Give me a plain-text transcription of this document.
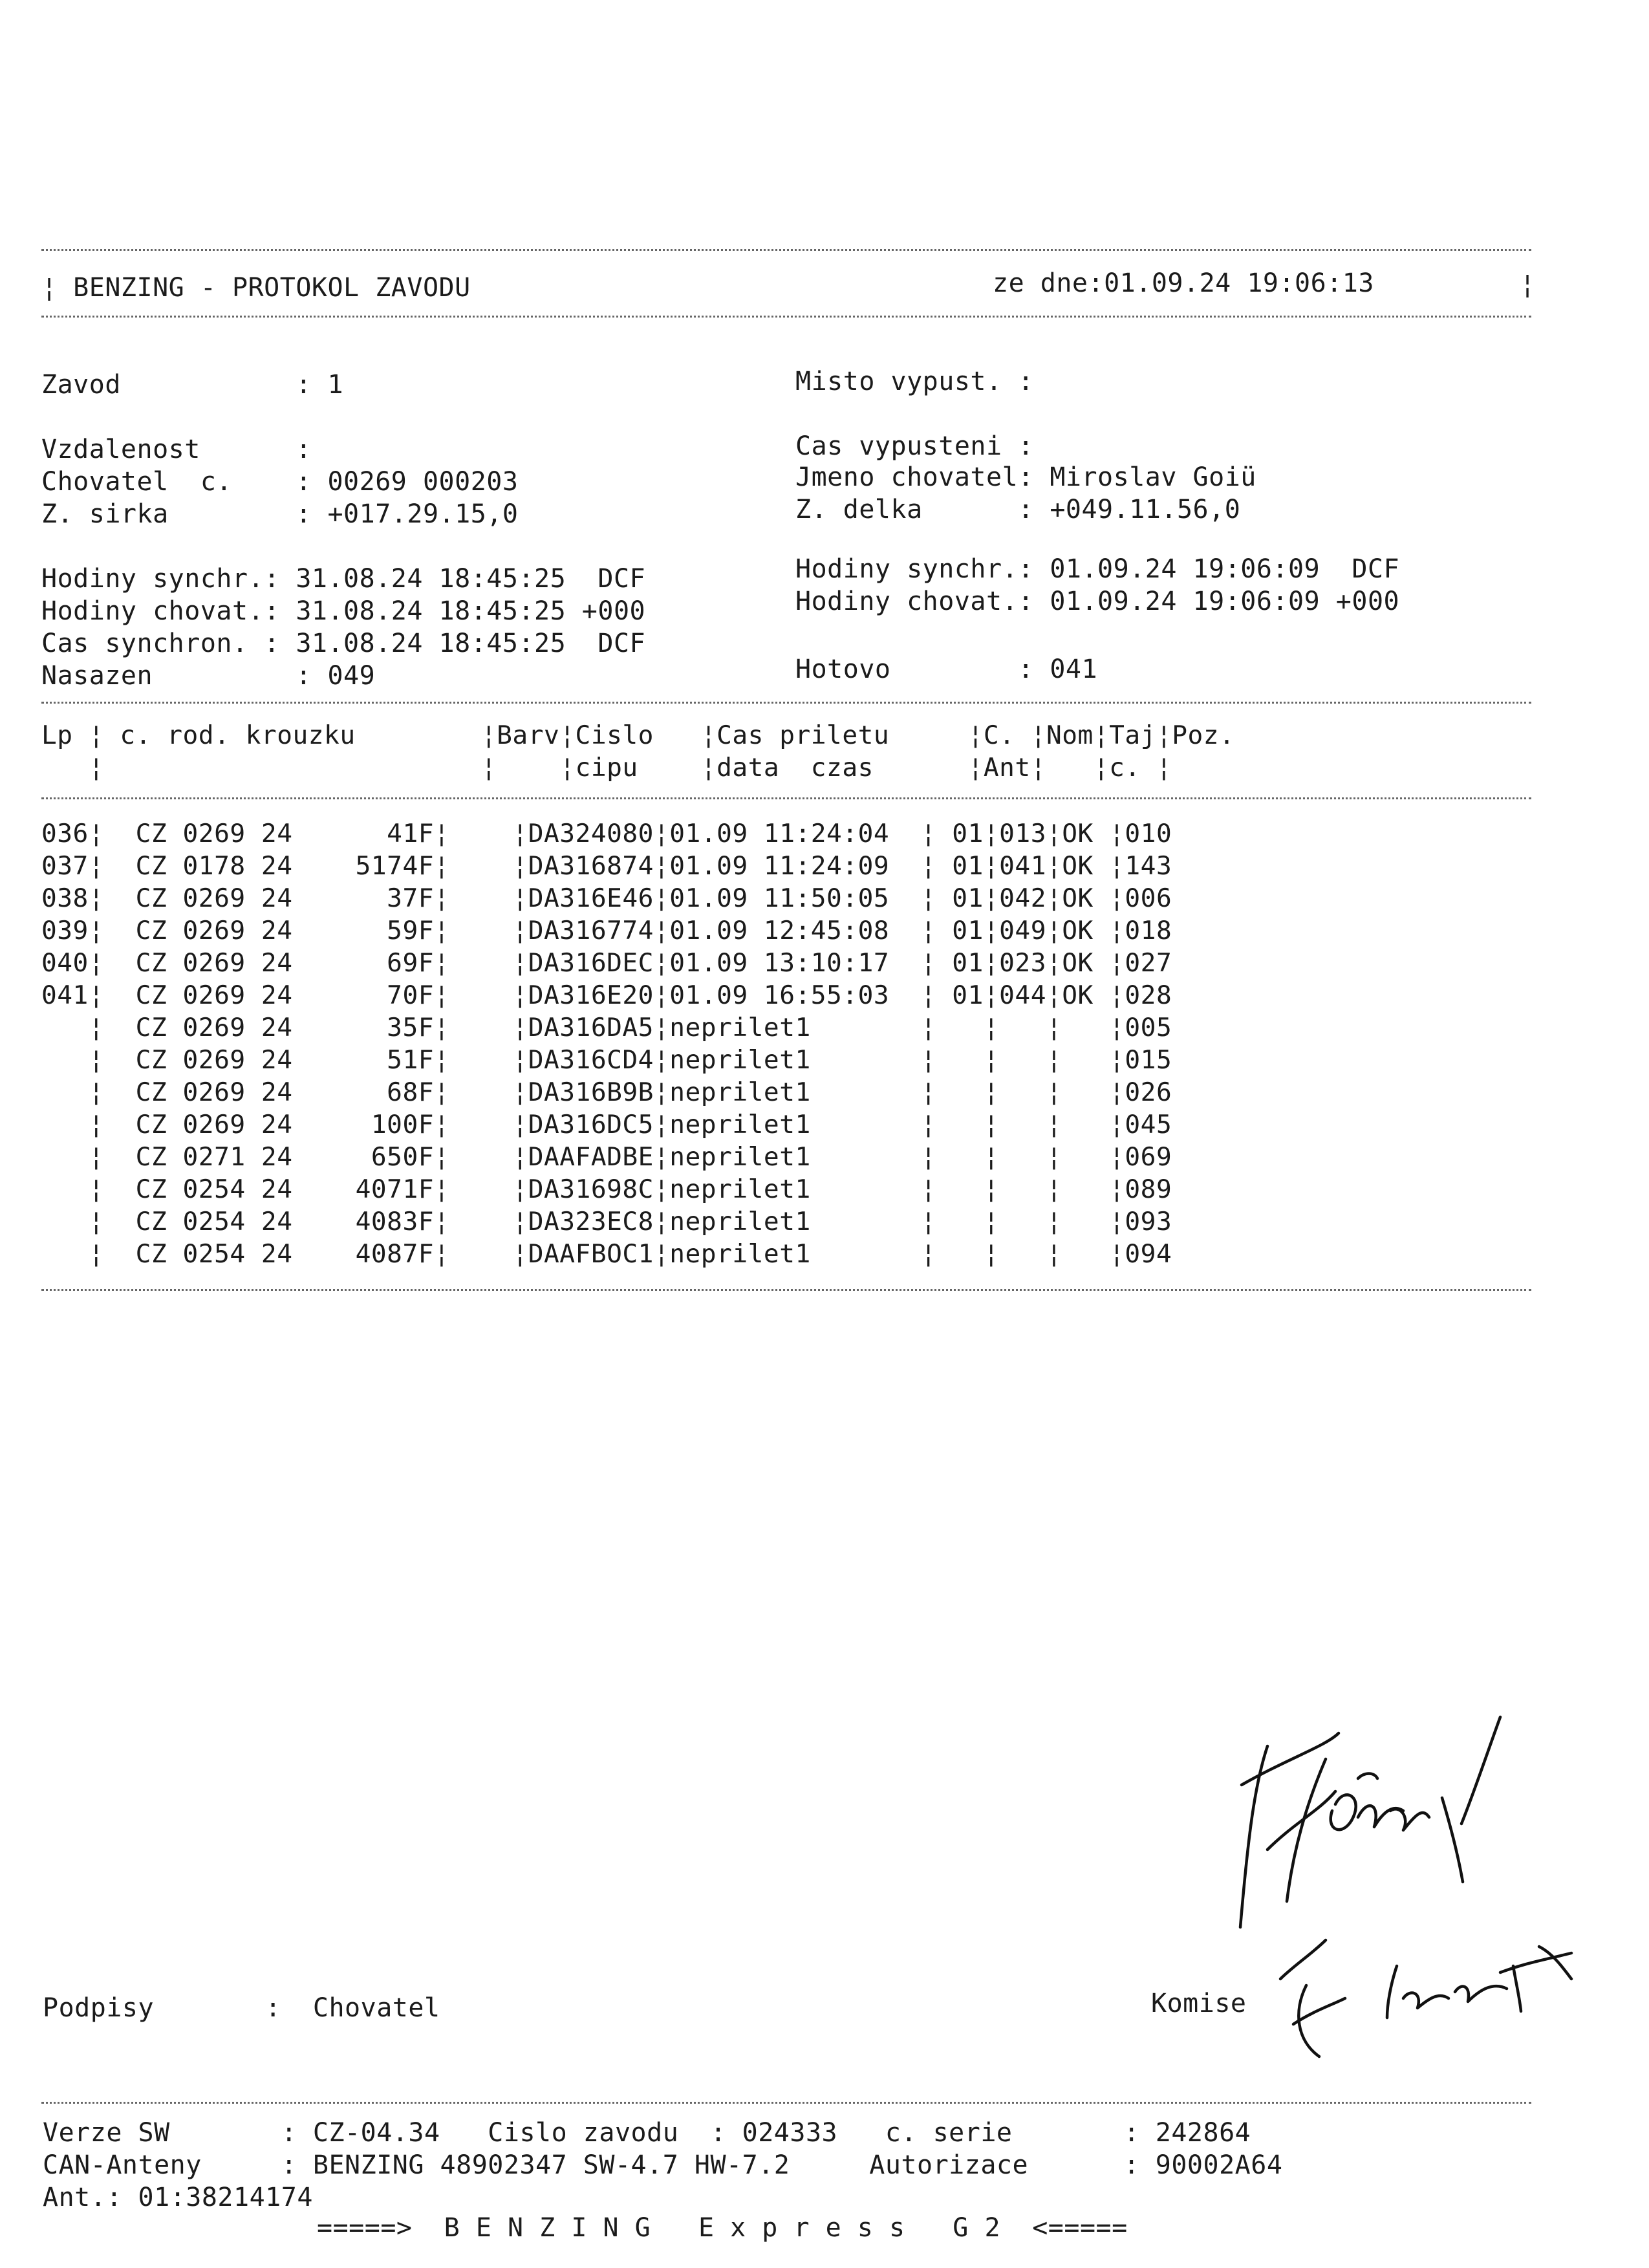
¦ BENZING - PROTOKOL ZAVODU	ze dne:01.09.24 19:06:13	¦
Zavod           : 1
Vzdalenost      :
Chovatel  c.    : 00269 000203
Z. sirka        : +017.29.15,0
Hodiny synchr.: 31.08.24 18:45:25  DCF
Hodiny chovat.: 31.08.24 18:45:25 +000
Cas synchron. : 31.08.24 18:45:25  DCF
Nasazen         : 049
Misto vypust. :
Cas vypusteni :
Jmeno chovatel: Miroslav Goiü
Z. delka      : +049.11.56,0
Hodiny synchr.: 01.09.24 19:06:09  DCF
Hodiny chovat.: 01.09.24 19:06:09 +000
Hotovo        : 041
Lp ¦ c. rod. krouzku        ¦Barv¦Cislo   ¦Cas priletu     ¦C. ¦Nom¦Taj¦Poz.
¦                        ¦    ¦cipu    ¦data  czas      ¦Ant¦   ¦c. ¦
036¦  CZ 0269 24      41F¦    ¦DA324080¦01.09 11:24:04  ¦ 01¦013¦OK ¦010
037¦  CZ 0178 24    5174F¦    ¦DA316874¦01.09 11:24:09  ¦ 01¦041¦OK ¦143
038¦  CZ 0269 24      37F¦    ¦DA316E46¦01.09 11:50:05  ¦ 01¦042¦OK ¦006
039¦  CZ 0269 24      59F¦    ¦DA316774¦01.09 12:45:08  ¦ 01¦049¦OK ¦018
040¦  CZ 0269 24      69F¦    ¦DA316DEC¦01.09 13:10:17  ¦ 01¦023¦OK ¦027
041¦  CZ 0269 24      70F¦    ¦DA316E20¦01.09 16:55:03  ¦ 01¦044¦OK ¦028
¦  CZ 0269 24      35F¦    ¦DA316DA5¦neprilet1       ¦   ¦   ¦   ¦005
¦  CZ 0269 24      51F¦    ¦DA316CD4¦neprilet1       ¦   ¦   ¦   ¦015
¦  CZ 0269 24      68F¦    ¦DA316B9B¦neprilet1       ¦   ¦   ¦   ¦026
¦  CZ 0269 24     100F¦    ¦DA316DC5¦neprilet1       ¦   ¦   ¦   ¦045
¦  CZ 0271 24     650F¦    ¦DAAFADBE¦neprilet1       ¦   ¦   ¦   ¦069
¦  CZ 0254 24    4071F¦    ¦DA31698C¦neprilet1       ¦   ¦   ¦   ¦089
¦  CZ 0254 24    4083F¦    ¦DA323EC8¦neprilet1       ¦   ¦   ¦   ¦093
¦  CZ 0254 24    4087F¦    ¦DAAFBOC1¦neprilet1       ¦   ¦   ¦   ¦094
Podpisy       :  Chovatel	Komise
Verze SW       : CZ-04.34   Cislo zavodu  : 024333   c. serie       : 242864
CAN-Anteny     : BENZING 48902347 SW-4.7 HW-7.2     Autorizace      : 90002A64
Ant.: 01:38214174
=====>  B E N Z I N G   E x p r e s s   G 2  <=====
